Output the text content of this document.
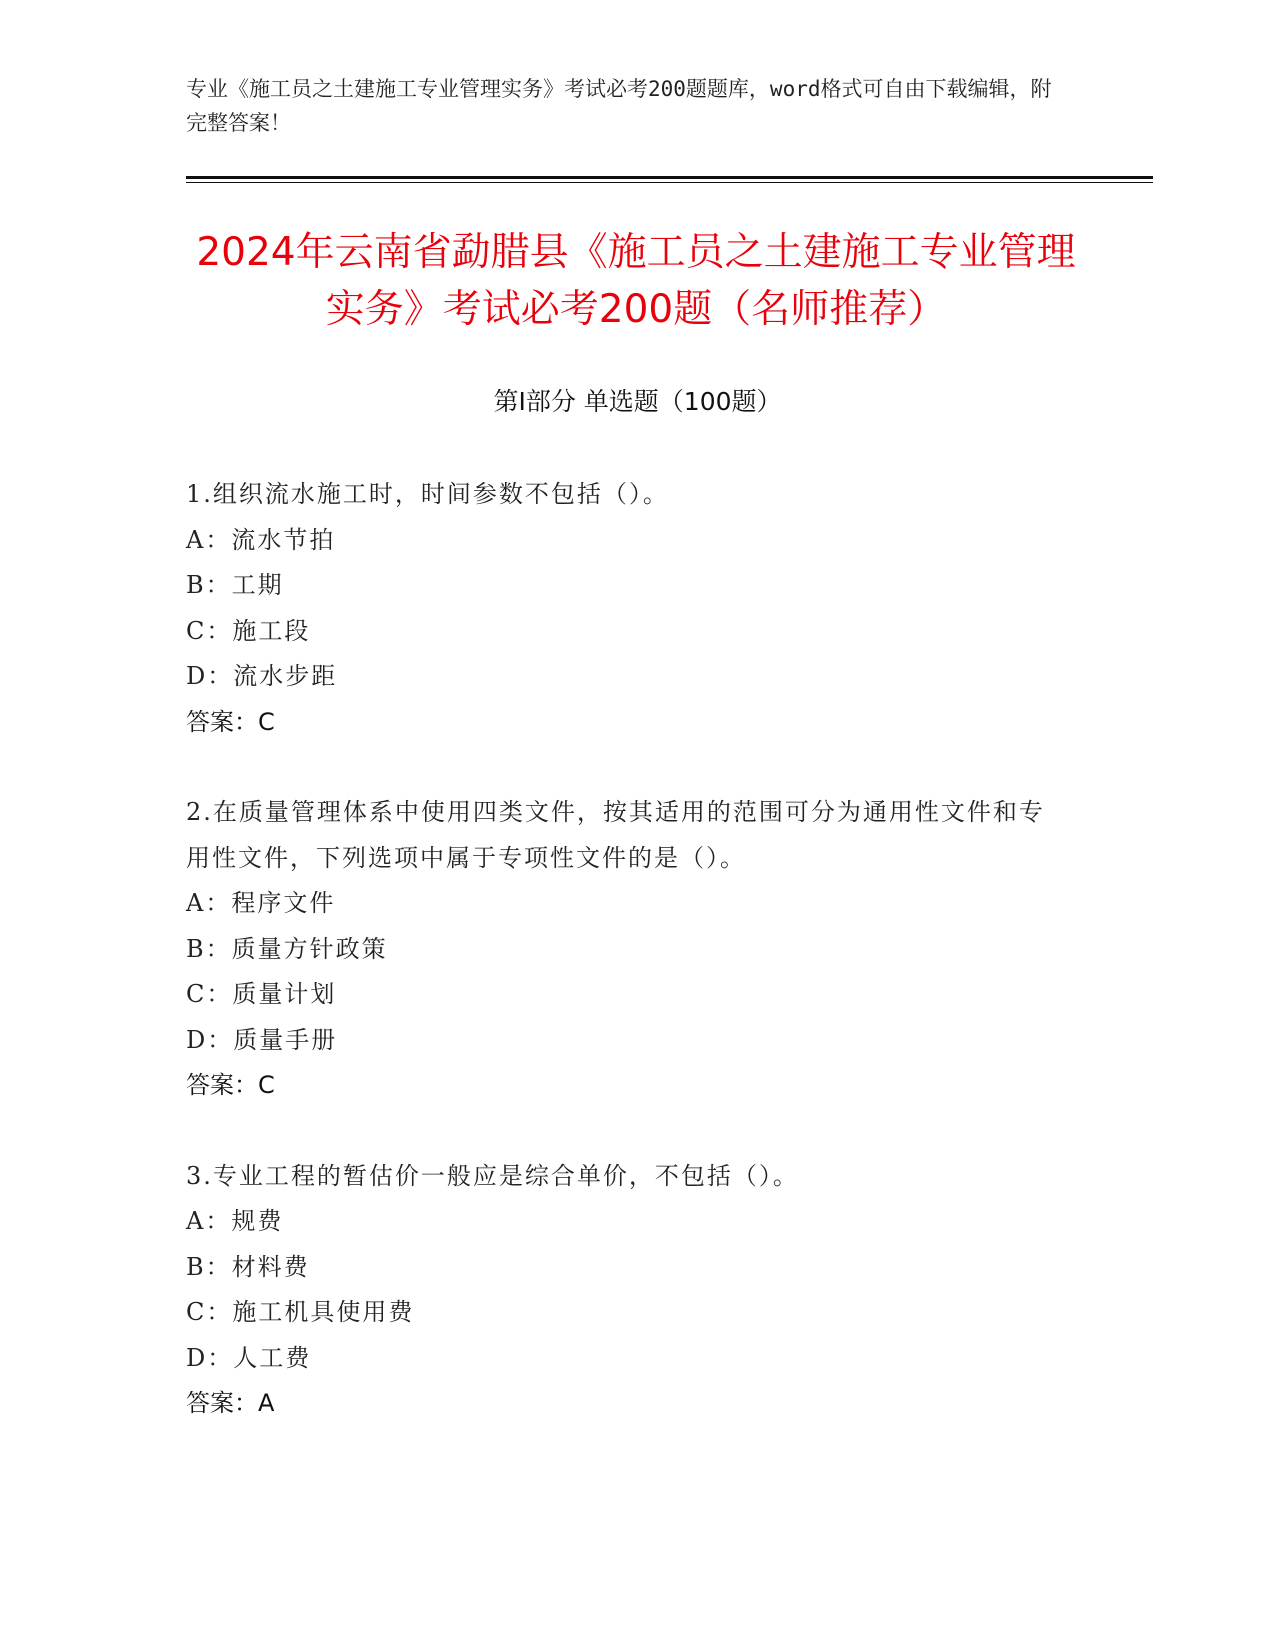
专业《施工员之土建施工专业管理实务》考试必考200题题库，word格式可自由下载编辑，附完整答案！
2024年云南省勐腊县《施工员之土建施工专业管理实务》考试必考200题（名师推荐）
第I部分 单选题（100题）
1.组织流水施工时，时间参数不包括（）。
A：流水节拍
B：工期
C：施工段
D：流水步距
答案：C
2.在质量管理体系中使用四类文件，按其适用的范围可分为通用性文件和专用性文件，下列选项中属于专项性文件的是（）。
A：程序文件
B：质量方针政策
C：质量计划
D：质量手册
答案：C
3.专业工程的暂估价一般应是综合单价，不包括（）。
A：规费
B：材料费
C：施工机具使用费
D：人工费
答案：A
